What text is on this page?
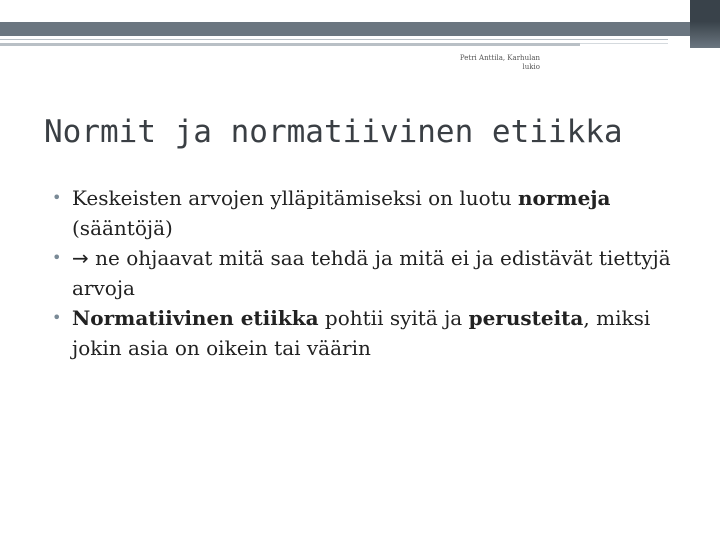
Petri Anttila, Karhulan
lukio
Normit ja normatiivinen etiikka
• Keskeisten arvojen ylläpitämiseksi on luotu normeja (sääntöjä)
• → ne ohjaavat mitä saa tehdä ja mitä ei ja edistävät tiettyjä arvoja
• Normatiivinen etiikka pohtii syitä ja perusteita, miksi jokin asia on oikein tai väärin
